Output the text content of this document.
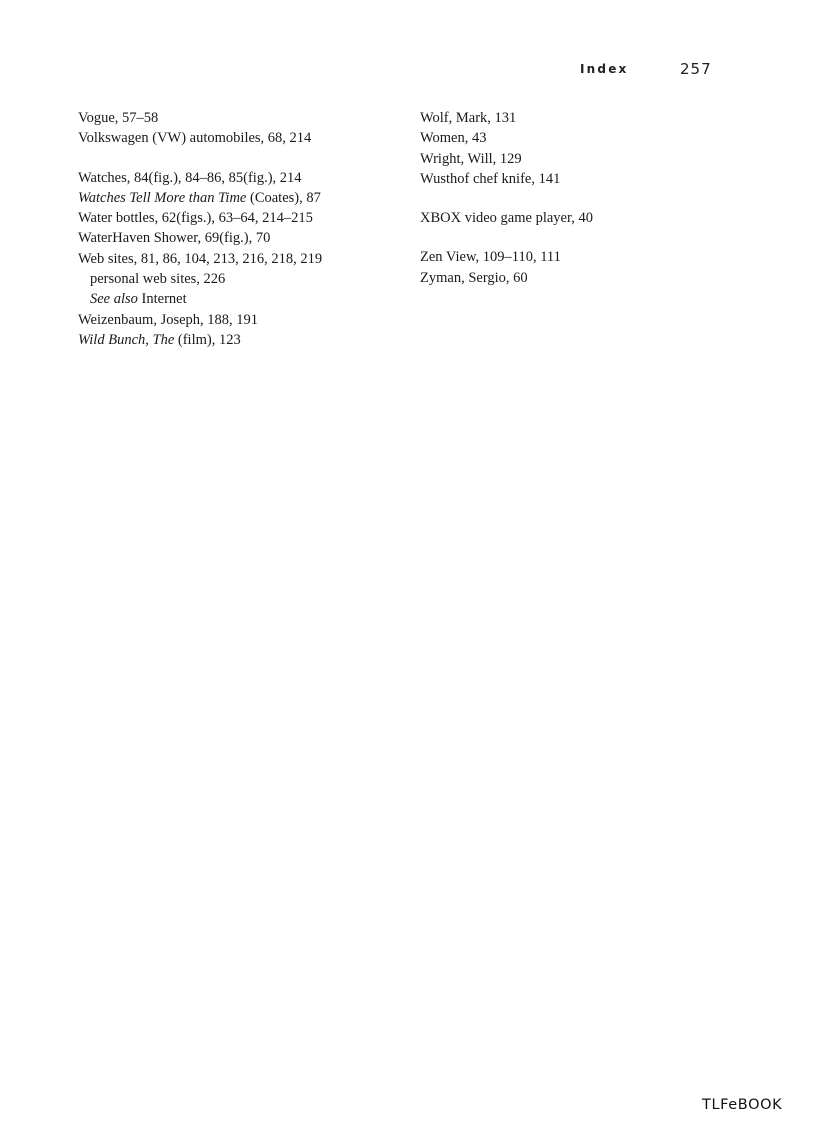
Index	257
Vogue, 57–58
Volkswagen (VW) automobiles, 68, 214
Watches, 84(fig.), 84–86, 85(fig.), 214
Watches Tell More than Time (Coates), 87
Water bottles, 62(figs.), 63–64, 214–215
WaterHaven Shower, 69(fig.), 70
Web sites, 81, 86, 104, 213, 216, 218, 219
personal web sites, 226
See also Internet
Weizenbaum, Joseph, 188, 191
Wild Bunch, The (film), 123
Wolf, Mark, 131
Women, 43
Wright, Will, 129
Wusthof chef knife, 141
XBOX video game player, 40
Zen View, 109–110, 111
Zyman, Sergio, 60
TLFeBOOK
